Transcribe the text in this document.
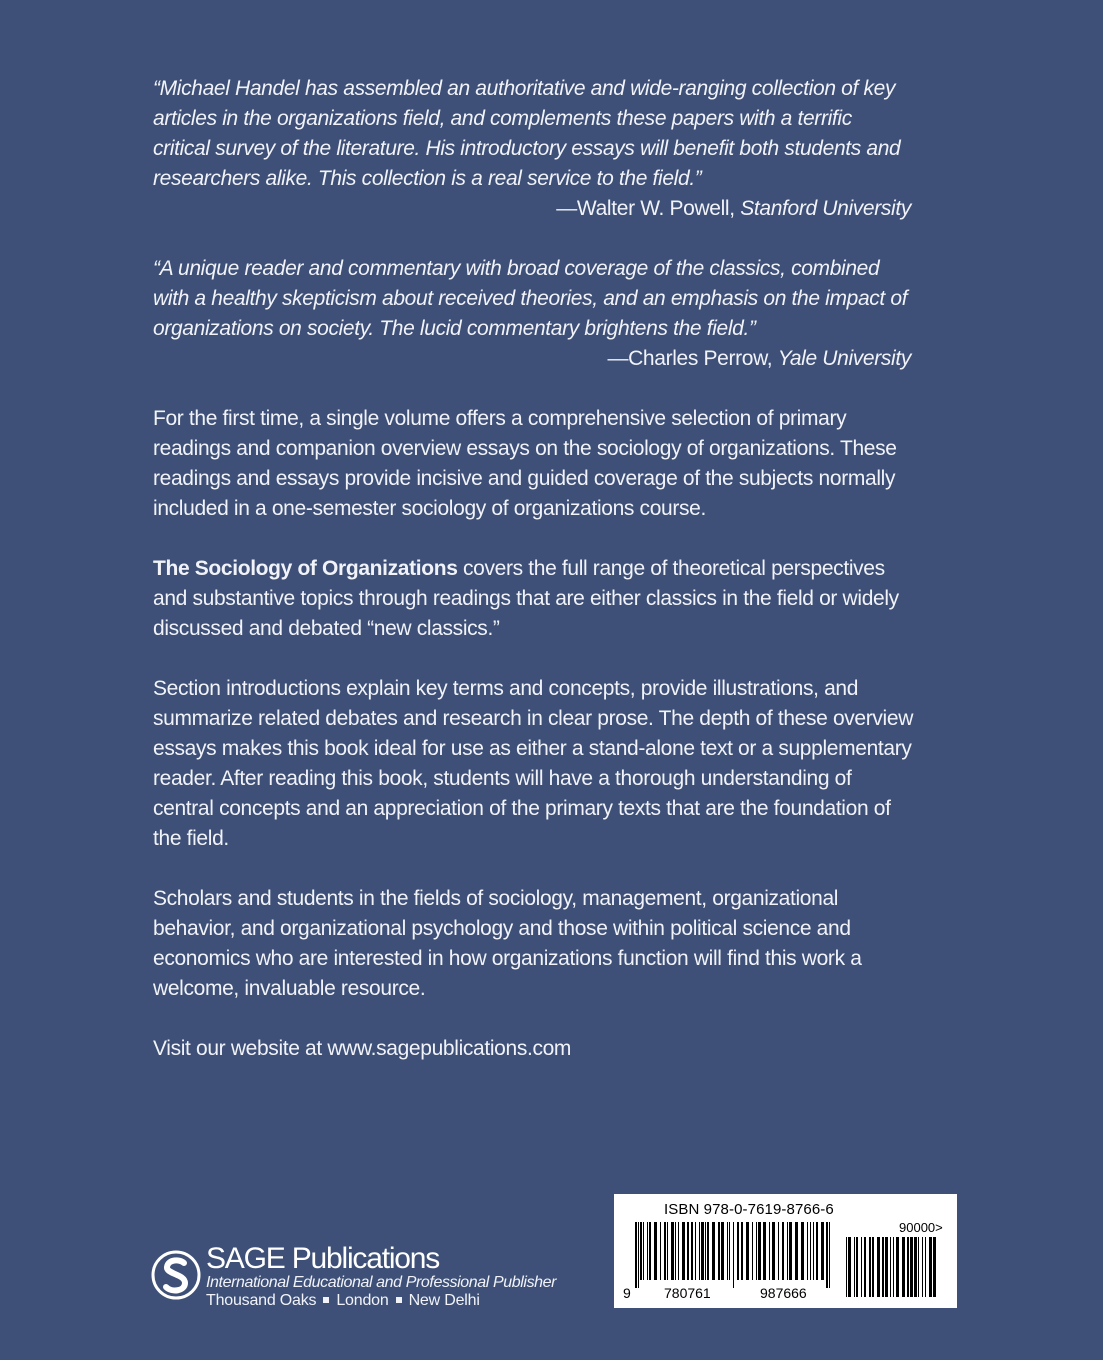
“Michael Handel has assembled an authoritative and wide-ranging collection of key articles in the organizations field, and complements these papers with a terrific critical survey of the literature. His introductory essays will benefit both students and researchers alike. This collection is a real service to the field.”

—Walter W. Powell, Stanford University

“A unique reader and commentary with broad coverage of the classics, combined with a healthy skepticism about received theories, and an emphasis on the impact of organizations on society. The lucid commentary brightens the field.”

—Charles Perrow, Yale University

For the first time, a single volume offers a comprehensive selection of primary readings and companion overview essays on the sociology of organizations. These readings and essays provide incisive and guided coverage of the subjects normally included in a one-semester sociology of organizations course.

The Sociology of Organizations covers the full range of theoretical perspectives and substantive topics through readings that are either classics in the field or widely discussed and debated “new classics.”

Section introductions explain key terms and concepts, provide illustrations, and summarize related debates and research in clear prose. The depth of these overview essays makes this book ideal for use as either a stand-alone text or a supplementary reader. After reading this book, students will have a thorough understanding of central concepts and an appreciation of the primary texts that are the foundation of the field.

Scholars and students in the fields of sociology, management, organizational behavior, and organizational psychology and those within political science and economics who are interested in how organizations function will find this work a welcome, invaluable resource.

Visit our website at www.sagepublications.com

SAGE Publications
International Educational and Professional Publisher
Thousand Oaks London New Delhi
ISBN 978-0-7619-8766-6
90000>
9 780761	987666
